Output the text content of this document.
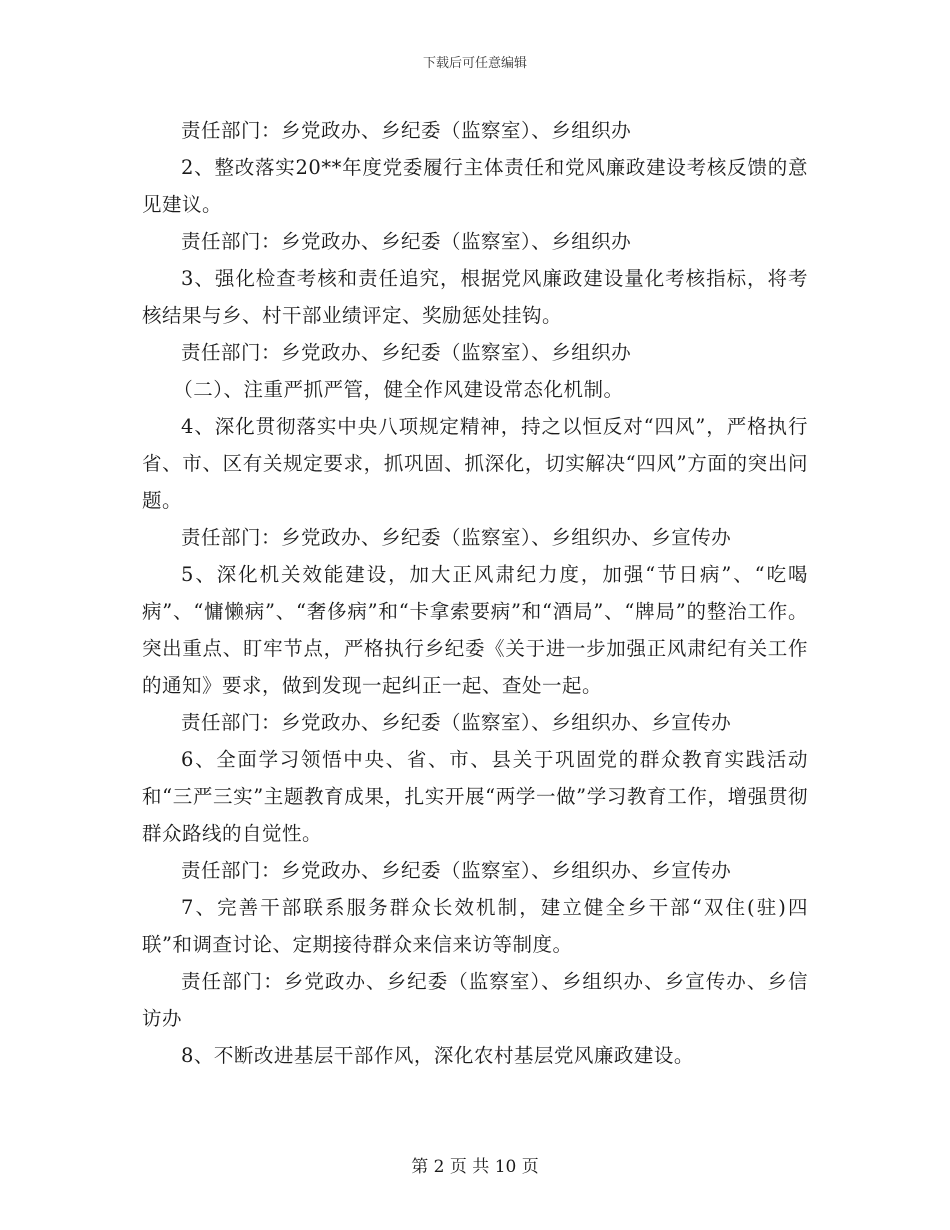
下载后可任意编辑

责任部门：乡党政办、乡纪委（监察室）、乡组织办

2、整改落实20**年度党委履行主体责任和党风廉政建设考核反馈的意见建议。

责任部门：乡党政办、乡纪委（监察室）、乡组织办

3、强化检查考核和责任追究，根据党风廉政建设量化考核指标，将考核结果与乡、村干部业绩评定、奖励惩处挂钩。

责任部门：乡党政办、乡纪委（监察室）、乡组织办

（二）、注重严抓严管，健全作风建设常态化机制。

4、深化贯彻落实中央八项规定精神，持之以恒反对“四风”，严格执行省、市、区有关规定要求，抓巩固、抓深化，切实解决“四风”方面的突出问题。

责任部门：乡党政办、乡纪委（监察室）、乡组织办、乡宣传办

5、深化机关效能建设，加大正风肃纪力度，加强“节日病”、“吃喝病”、“慵懒病”、“奢侈病”和“卡拿索要病”和“酒局”、“牌局”的整治工作。突出重点、盯牢节点，严格执行乡纪委《关于进一步加强正风肃纪有关工作的通知》要求，做到发现一起纠正一起、查处一起。

责任部门：乡党政办、乡纪委（监察室）、乡组织办、乡宣传办

6、全面学习领悟中央、省、市、县关于巩固党的群众教育实践活动和“三严三实”主题教育成果，扎实开展“两学一做”学习教育工作，增强贯彻群众路线的自觉性。

责任部门：乡党政办、乡纪委（监察室）、乡组织办、乡宣传办

7、完善干部联系服务群众长效机制，建立健全乡干部“双住(驻)四联”和调查讨论、定期接待群众来信来访等制度。

责任部门：乡党政办、乡纪委（监察室）、乡组织办、乡宣传办、乡信访办

8、不断改进基层干部作风，深化农村基层党风廉政建设。

第 2 页 共 10 页
